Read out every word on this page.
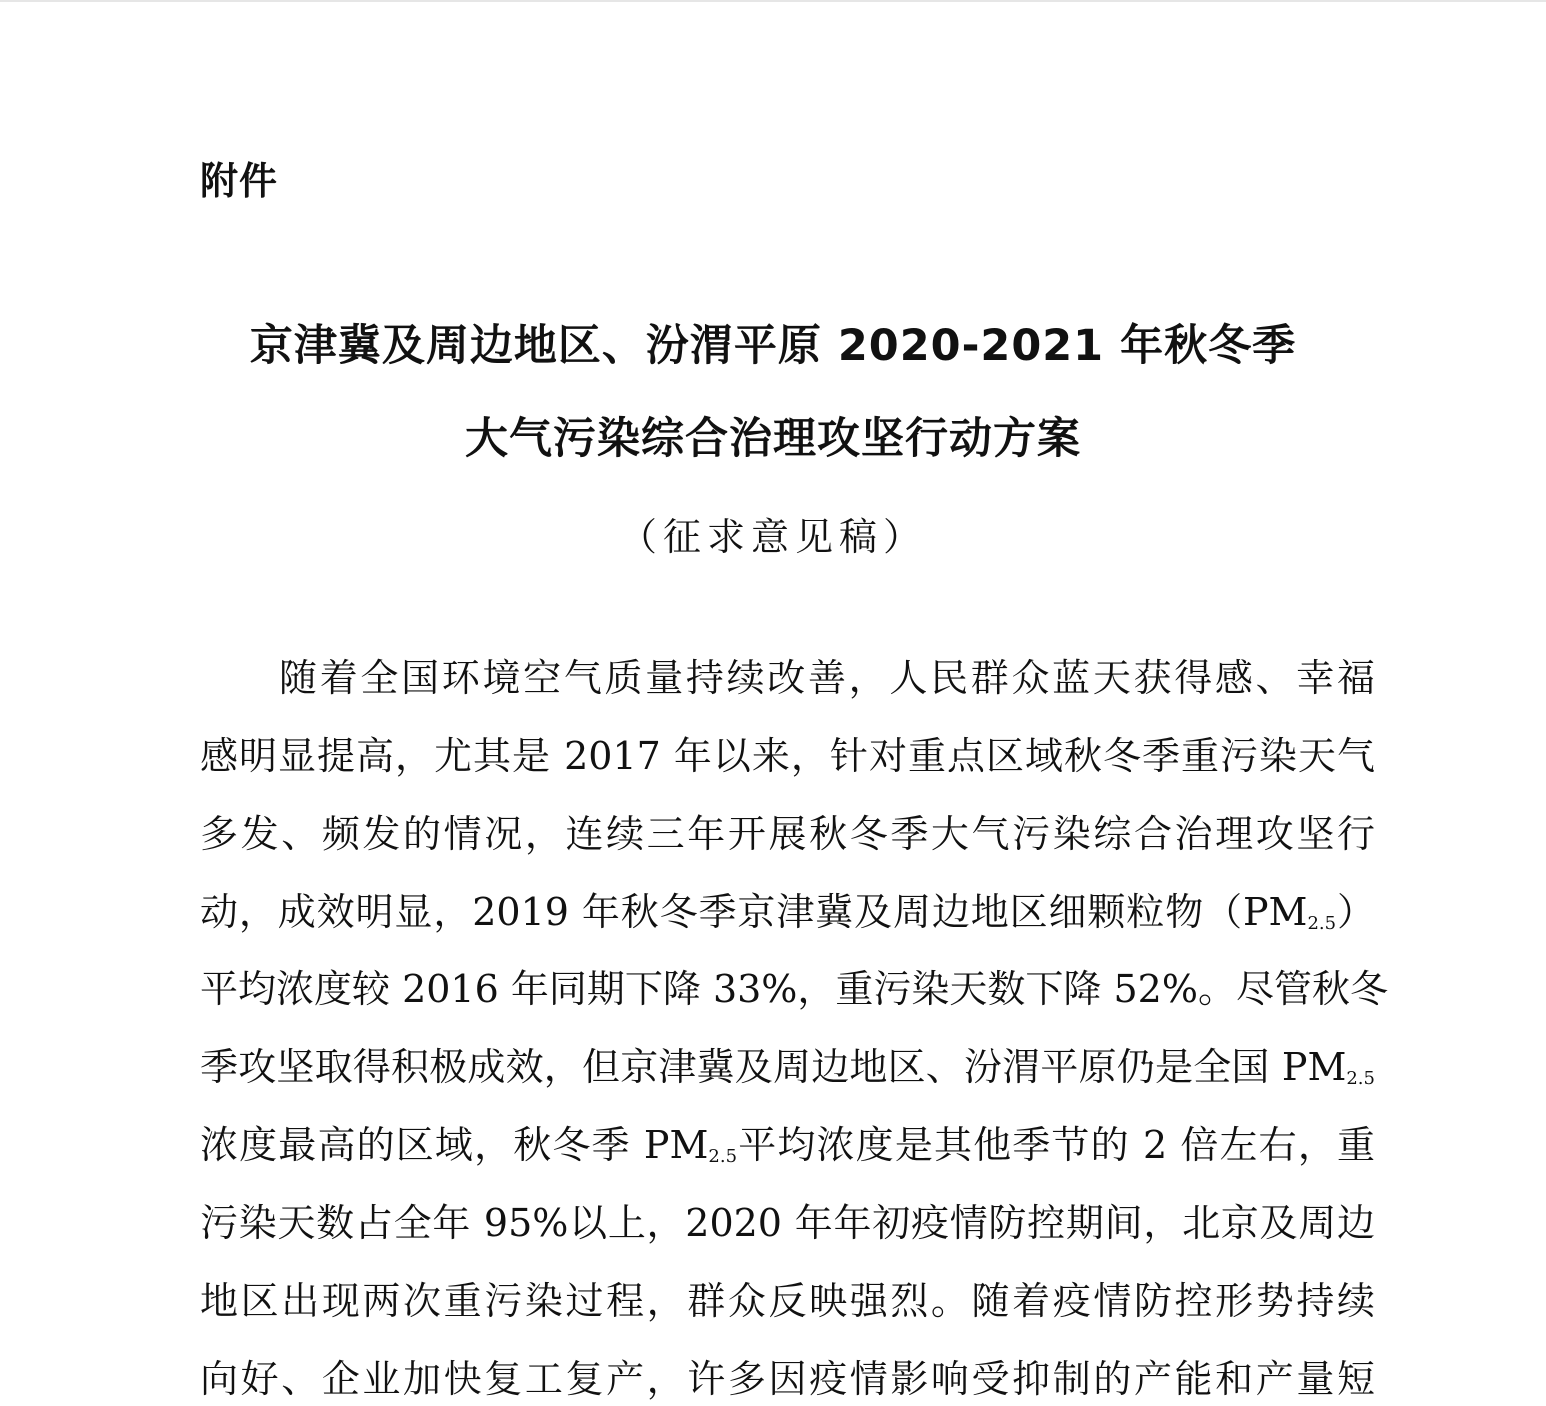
附件
京津冀及周边地区、汾渭平原 2020-2021 年秋冬季
大气污染综合治理攻坚行动方案
（征求意见稿）
随着全国环境空气质量持续改善，人民群众蓝天获得感、幸福
感明显提高，尤其是 2017 年以来，针对重点区域秋冬季重污染天气
多发、频发的情况，连续三年开展秋冬季大气污染综合治理攻坚行
动，成效明显，2019 年秋冬季京津冀及周边地区细颗粒物$(PM_{2.5})$
平均浓度较 2016 年同期下降 33%，重污染天数下降 52%。尽管秋冬
季攻坚取得积极成效，但京津冀及周边地区、汾渭平原仍是全国 $PM_{2.5}$
浓度最高的区域，秋冬季 $PM_{2.5}$平均浓度是其他季节的 2 倍左右，重
污染天数占全年 95%以上，2020 年年初疫情防控期间，北京及周边
地区出现两次重污染过程，群众反映强烈。随着疫情防控形势持续
向好、企业加快复工复产，许多因疫情影响受抑制的产能和产量短
